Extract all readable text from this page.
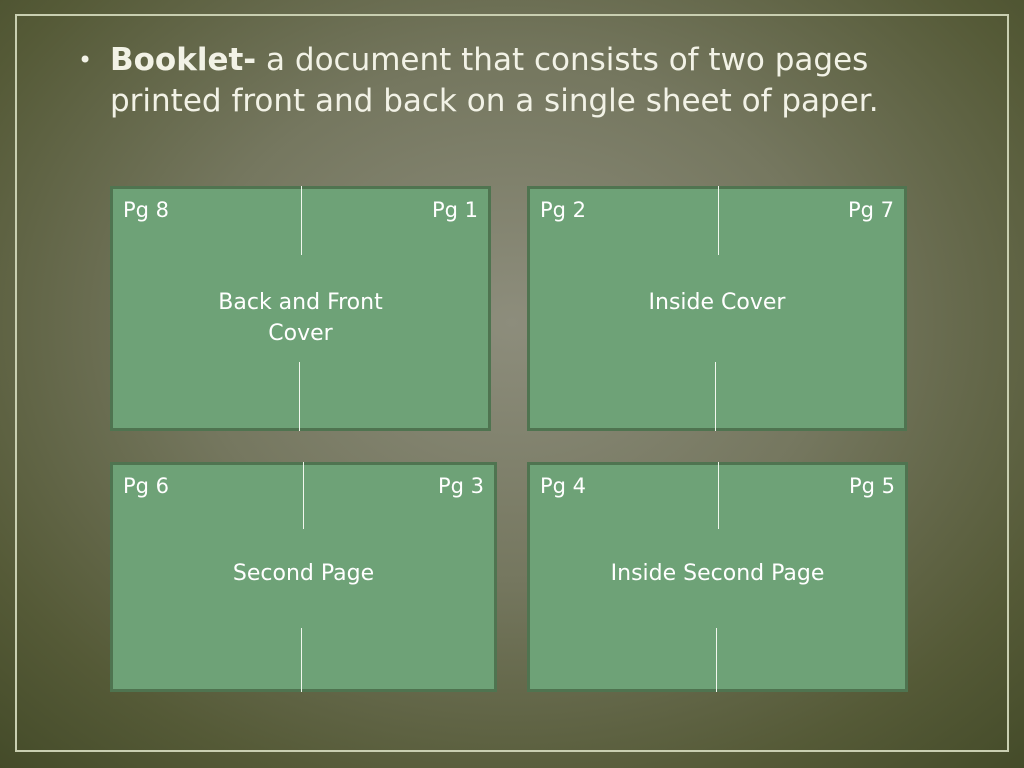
• Booklet- a document that consists of two pages printed front and back on a single sheet of paper.
Pg 8	Pg 1
Back and Front Cover
Pg 2	Pg 7
Inside Cover
Pg 6	Pg 3
Second Page
Pg 4	Pg 5
Inside Second Page
